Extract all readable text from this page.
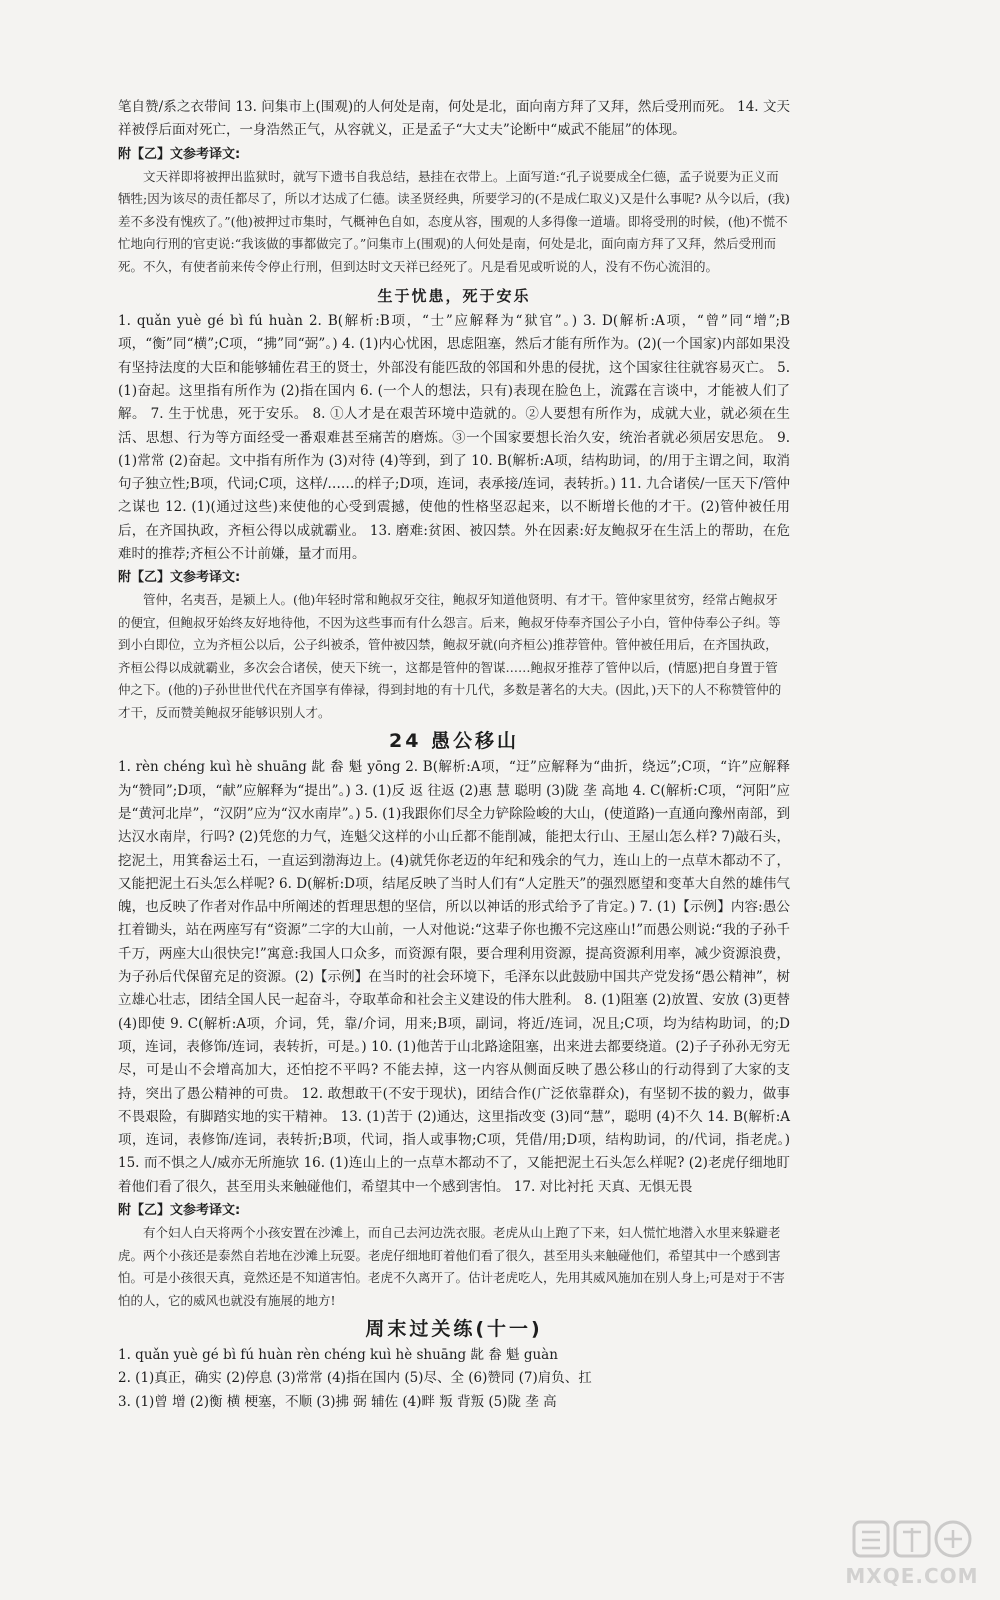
笔自赞/系之衣带间 13. 问集市上(围观)的人何处是南，何处是北，面向南方拜了又拜，然后受刑而死。 14. 文天祥被俘后面对死亡，一身浩然正气，从容就义，正是孟子“大丈夫”论断中“威武不能屈”的体现。

附【乙】文参考译文:

文天祥即将被押出监狱时，就写下遗书自我总结，悬挂在衣带上。上面写道:“孔子说要成全仁德，孟子说要为正义而牺牲;因为该尽的责任都尽了，所以才达成了仁德。读圣贤经典，所要学习的(不是成仁取义)又是什么事呢? 从今以后，(我)差不多没有愧疚了。”(他)被押过市集时，气概神色自如，态度从容，围观的人多得像一道墙。即将受刑的时候，(他)不慌不忙地向行刑的官吏说:“我该做的事都做完了。”问集市上(围观)的人何处是南，何处是北，面向南方拜了又拜，然后受刑而死。不久，有使者前来传令停止行刑，但到达时文天祥已经死了。凡是看见或听说的人，没有不伤心流泪的。

生于忧患，死于安乐

1. quǎn yuè gé bì fú huàn 2. B(解析:B项，“士”应解释为“狱官”。) 3. D(解析:A项，“曾”同“增”;B项，“衡”同“横”;C项，“拂”同“弼”。) 4. (1)内心忧困，思虑阻塞，然后才能有所作为。(2)(一个国家)内部如果没有坚持法度的大臣和能够辅佐君王的贤士，外部没有能匹敌的邻国和外患的侵扰，这个国家往往就容易灭亡。 5. (1)奋起。这里指有所作为 (2)指在国内 6. (一个人的想法，只有)表现在脸色上，流露在言谈中，才能被人们了解。 7. 生于忧患，死于安乐。 8. ①人才是在艰苦环境中造就的。②人要想有所作为，成就大业，就必须在生活、思想、行为等方面经受一番艰难甚至痛苦的磨炼。③一个国家要想长治久安，统治者就必须居安思危。 9. (1)常常 (2)奋起。文中指有所作为 (3)对待 (4)等到，到了 10. B(解析:A项，结构助词，的/用于主谓之间，取消句子独立性;B项，代词;C项，这样/……的样子;D项，连词，表承接/连词，表转折。) 11. 九合诸侯/一匡天下/管仲之谋也 12. (1)(通过这些)来使他的心受到震撼，使他的性格坚忍起来，以不断增长他的才干。(2)管仲被任用后，在齐国执政，齐桓公得以成就霸业。 13. 磨难:贫困、被囚禁。外在因素:好友鲍叔牙在生活上的帮助，在危难时的推荐;齐桓公不计前嫌，量才而用。

附【乙】文参考译文:

管仲，名夷吾，是颍上人。(他)年轻时常和鲍叔牙交往，鲍叔牙知道他贤明、有才干。管仲家里贫穷，经常占鲍叔牙的便宜，但鲍叔牙始终友好地待他，不因为这些事而有什么怨言。后来，鲍叔牙侍奉齐国公子小白，管仲侍奉公子纠。等到小白即位，立为齐桓公以后，公子纠被杀，管仲被囚禁，鲍叔牙就(向齐桓公)推荐管仲。管仲被任用后，在齐国执政，齐桓公得以成就霸业，多次会合诸侯，使天下统一，这都是管仲的智谋……鲍叔牙推荐了管仲以后，(情愿)把自身置于管仲之下。(他的)子孙世世代代在齐国享有俸禄，得到封地的有十几代，多数是著名的大夫。(因此，)天下的人不称赞管仲的才干，反而赞美鲍叔牙能够识别人才。

24 愚公移山

1. rèn chéng kuì hè shuāng 龀 畚 魁 yōng 2. B(解析:A项，“迂”应解释为“曲折，绕远”;C项，“许”应解释为“赞同”;D项，“献”应解释为“提出”。) 3. (1)反 返 往返 (2)惠 慧 聪明 (3)陇 垄 高地 4. C(解析:C项，“河阳”应是“黄河北岸”，“汉阴”应为“汉水南岸”。) 5. (1)我跟你们尽全力铲除险峻的大山，(使道路)一直通向豫州南部，到达汉水南岸，行吗? (2)凭您的力气，连魁父这样的小山丘都不能削减，能把太行山、王屋山怎么样? 7)敲石头，挖泥土，用箕畚运土石，一直运到渤海边上。(4)就凭你老迈的年纪和残余的气力，连山上的一点草木都动不了，又能把泥土石头怎么样呢? 6. D(解析:D项，结尾反映了当时人们有“人定胜天”的强烈愿望和变革大自然的雄伟气魄，也反映了作者对作品中所阐述的哲理思想的坚信，所以以神话的形式给予了肯定。) 7. (1)【示例】内容:愚公扛着锄头，站在两座写有“资源”二字的大山前，一人对他说:“这辈子你也搬不完这座山!”而愚公则说:“我的子孙千千万，两座大山很快完!”寓意:我国人口众多，而资源有限，要合理利用资源，提高资源利用率，减少资源浪费，为子孙后代保留充足的资源。(2)【示例】在当时的社会环境下，毛泽东以此鼓励中国共产党发扬“愚公精神”，树立雄心壮志，团结全国人民一起奋斗，夺取革命和社会主义建设的伟大胜利。 8. (1)阻塞 (2)放置、安放 (3)更替 (4)即使 9. C(解析:A项，介词，凭，靠/介词，用来;B项，副词，将近/连词，况且;C项，均为结构助词，的;D项，连词，表修饰/连词，表转折，可是。) 10. (1)他苦于山北路途阻塞，出来进去都要绕道。(2)子子孙孙无穷无尽，可是山不会增高加大，还怕挖不平吗? 不能去掉，这一内容从侧面反映了愚公移山的行动得到了大家的支持，突出了愚公精神的可贵。 12. 敢想敢干(不安于现状)，团结合作(广泛依靠群众)，有坚韧不拔的毅力，做事不畏艰险，有脚踏实地的实干精神。 13. (1)苦于 (2)通达，这里指改变 (3)同“慧”，聪明 (4)不久 14. B(解析:A项，连词，表修饰/连词，表转折;B项，代词，指人或事物;C项，凭借/用;D项，结构助词，的/代词，指老虎。) 15. 而不惧之人/威亦无所施欤 16. (1)连山上的一点草木都动不了，又能把泥土石头怎么样呢? (2)老虎仔细地盯着他们看了很久，甚至用头来触碰他们，希望其中一个感到害怕。 17. 对比衬托 天真、无惧无畏

附【乙】文参考译文:

有个妇人白天将两个小孩安置在沙滩上，而自己去河边洗衣服。老虎从山上跑了下来，妇人慌忙地潜入水里来躲避老虎。两个小孩还是泰然自若地在沙滩上玩耍。老虎仔细地盯着他们看了很久，甚至用头来触碰他们，希望其中一个感到害怕。可是小孩很天真，竟然还是不知道害怕。老虎不久离开了。估计老虎吃人，先用其威风施加在别人身上;可是对于不害怕的人，它的威风也就没有施展的地方!

周末过关练(十一)

1. quǎn yuè gé bì fú huàn rèn chéng kuì hè shuāng 龀 畚 魁 guàn

2. (1)真正，确实 (2)停息 (3)常常 (4)指在国内 (5)尽、全 (6)赞同 (7)肩负、扛

3. (1)曾 增 (2)衡 横 梗塞，不顺 (3)拂 弼 辅佐 (4)畔 叛 背叛 (5)陇 垄 高

MXQE.COM
